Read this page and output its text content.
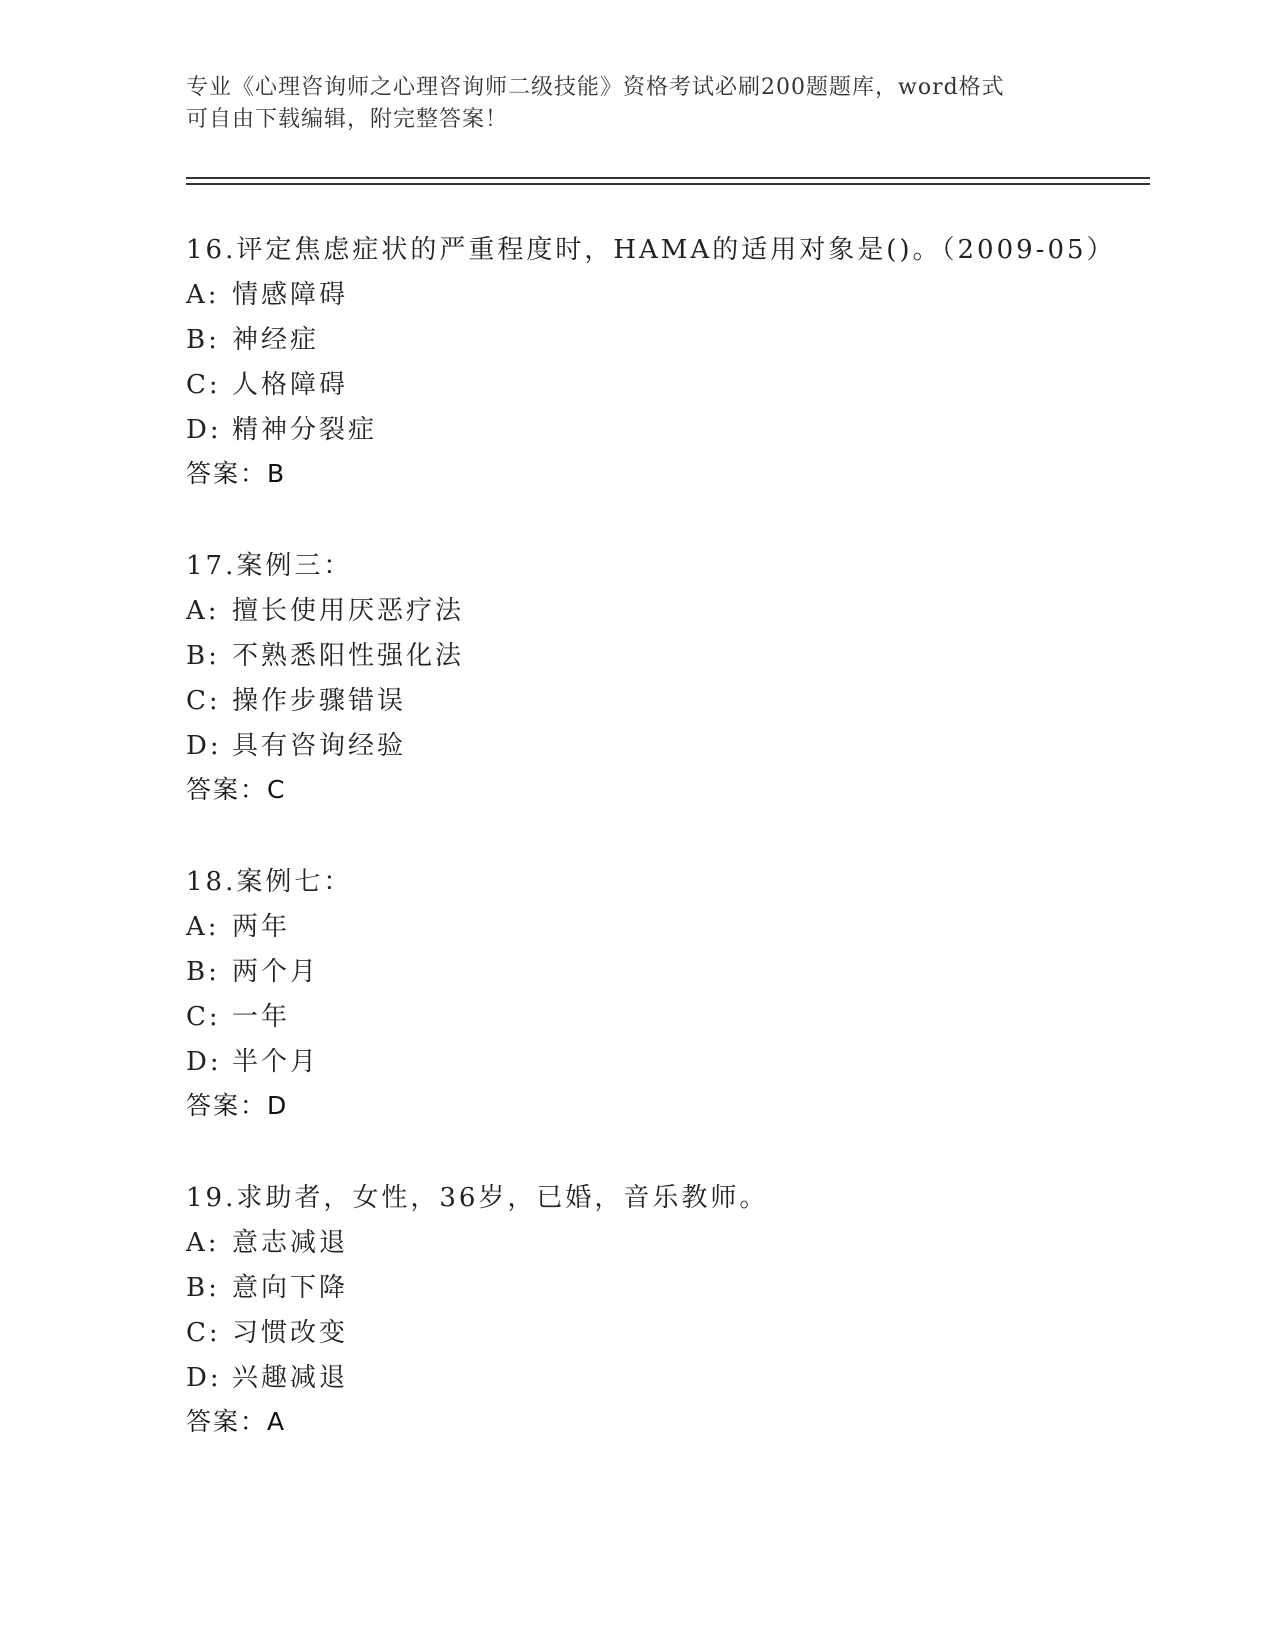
专业《心理咨询师之心理咨询师二级技能》资格考试必刷200题题库，word格式
可自由下载编辑，附完整答案！
16.评定焦虑症状的严重程度时，HAMA的适用对象是()。（2009-05）
A: 情感障碍
B: 神经症
C: 人格障碍
D: 精神分裂症
答案：B
17.案例三：
A: 擅长使用厌恶疗法
B: 不熟悉阳性强化法
C: 操作步骤错误
D: 具有咨询经验
答案：C
18.案例七：
A: 两年
B: 两个月
C: 一年
D: 半个月
答案：D
19.求助者，女性，36岁，已婚，音乐教师。
A: 意志减退
B: 意向下降
C: 习惯改变
D: 兴趣减退
答案：A
